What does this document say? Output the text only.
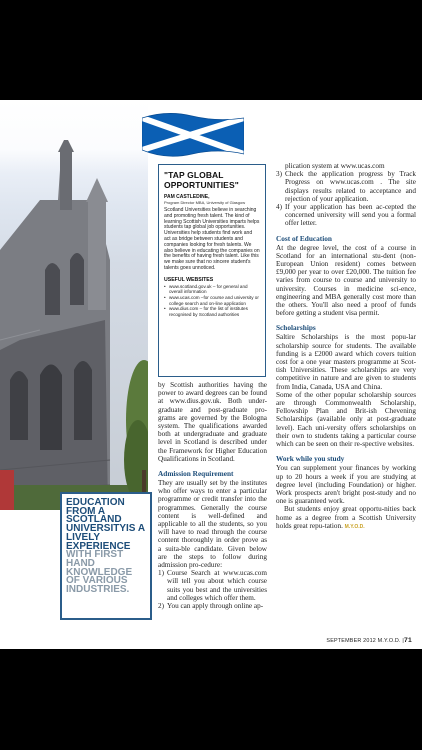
"TAP GLOBAL OPPORTUNITIES"
PAM CASTLEDINE,
Program Director MBA, University of Glasgow
Scotland Universities believe in searching and promoting fresh talent. The kind of learning Scottish Universities imparts helps students tap global job opportunities. Universities help students find work and act as bridge between students and companies looking for fresh talents. We also believe in educating the companies on the benefits of having fresh talent. Like this we make sure that no sincere student's talents goes unnoticed.
USEFUL WEBSITES
• www.scotland.gov.uk – for general and overall information
• www.ucas.com –for course and university or college search and on-line application
• www.dius.com – for the list of institutes recognised by Scotland authorities
EDUCATION FROM A SCOTLAND UNIVERSITYIS A LIVELY EXPERIENCE
WITH FIRST HAND KNOWLEDGE OF VARIOUS INDUSTRIES.

by Scottish authorities having the power to award degrees can be found at www.dius.gov.uk. Both under-graduate and post-graduate pro-grams are governed by the Bologna system. The qualifications awarded both at undergraduate and graduate level in Scotland is described under the Framework for Higher Education Qualifications in Scotland.

Admission Requirement

They are usually set by the institutes who offer ways to enter a particular programme or credit transfer into the programmes. Generally the course content is well-defined and applicable to all the students, so you will have to read through the course content thoroughly in order prove as a suita-ble candidate. Given below are the steps to follow during admission pro-cedure:

1) Course Search at www.ucas.com will tell you about which course suits you best and the universities and colleges which offer them.
2) You can apply through online ap-

plication system at www.ucas.com

3) Check the application progress by Track Progress on www.ucas.com . The site displays results related to acceptance and rejection of your application.
4) If your application has been ac-cepted the concerned university will send you a formal offer letter.
Cost of Education

At the degree level, the cost of a course in Scotland for an international stu-dent (non-European Union resident) comes between £9,000 per year to over £20,000. The tuition fee varies from course to course and university to university. Courses in medicine sci-ence, engineering and MBA generally cost more than the others. You'll also need a proof of funds before getting a student visa permit.

Scholarships

Saltire Scholarships is the most popu-lar scholarship source for students. The available funding is a £2000 award which covers tuition cost for a one year masters programme at Scot-tish Universities. These scholarships are very competitive in nature and are given to students from India, Canada, USA and China.

Some of the other popular scholarship sources are through Commonwealth Scholarship, Fellowship Plan and Brit-ish Chevening Scholarships (available only at post-graduate level). Each uni-versity offers scholarships on their own to students taking a particular course which can be seen on their re-spective websites.

Work while you study

You can supplement your finances by working up to 20 hours a week if you are studying at degree level (including Foundation) or higher. Work prospects aren't bright post-study and no one is guaranteed work.

But students enjoy great opportu-nities back home as a degree from a Scottish University holds great repu-tation. M.Y.O.D.

SEPTEMBER 2012 M.Y.O.D. |71
